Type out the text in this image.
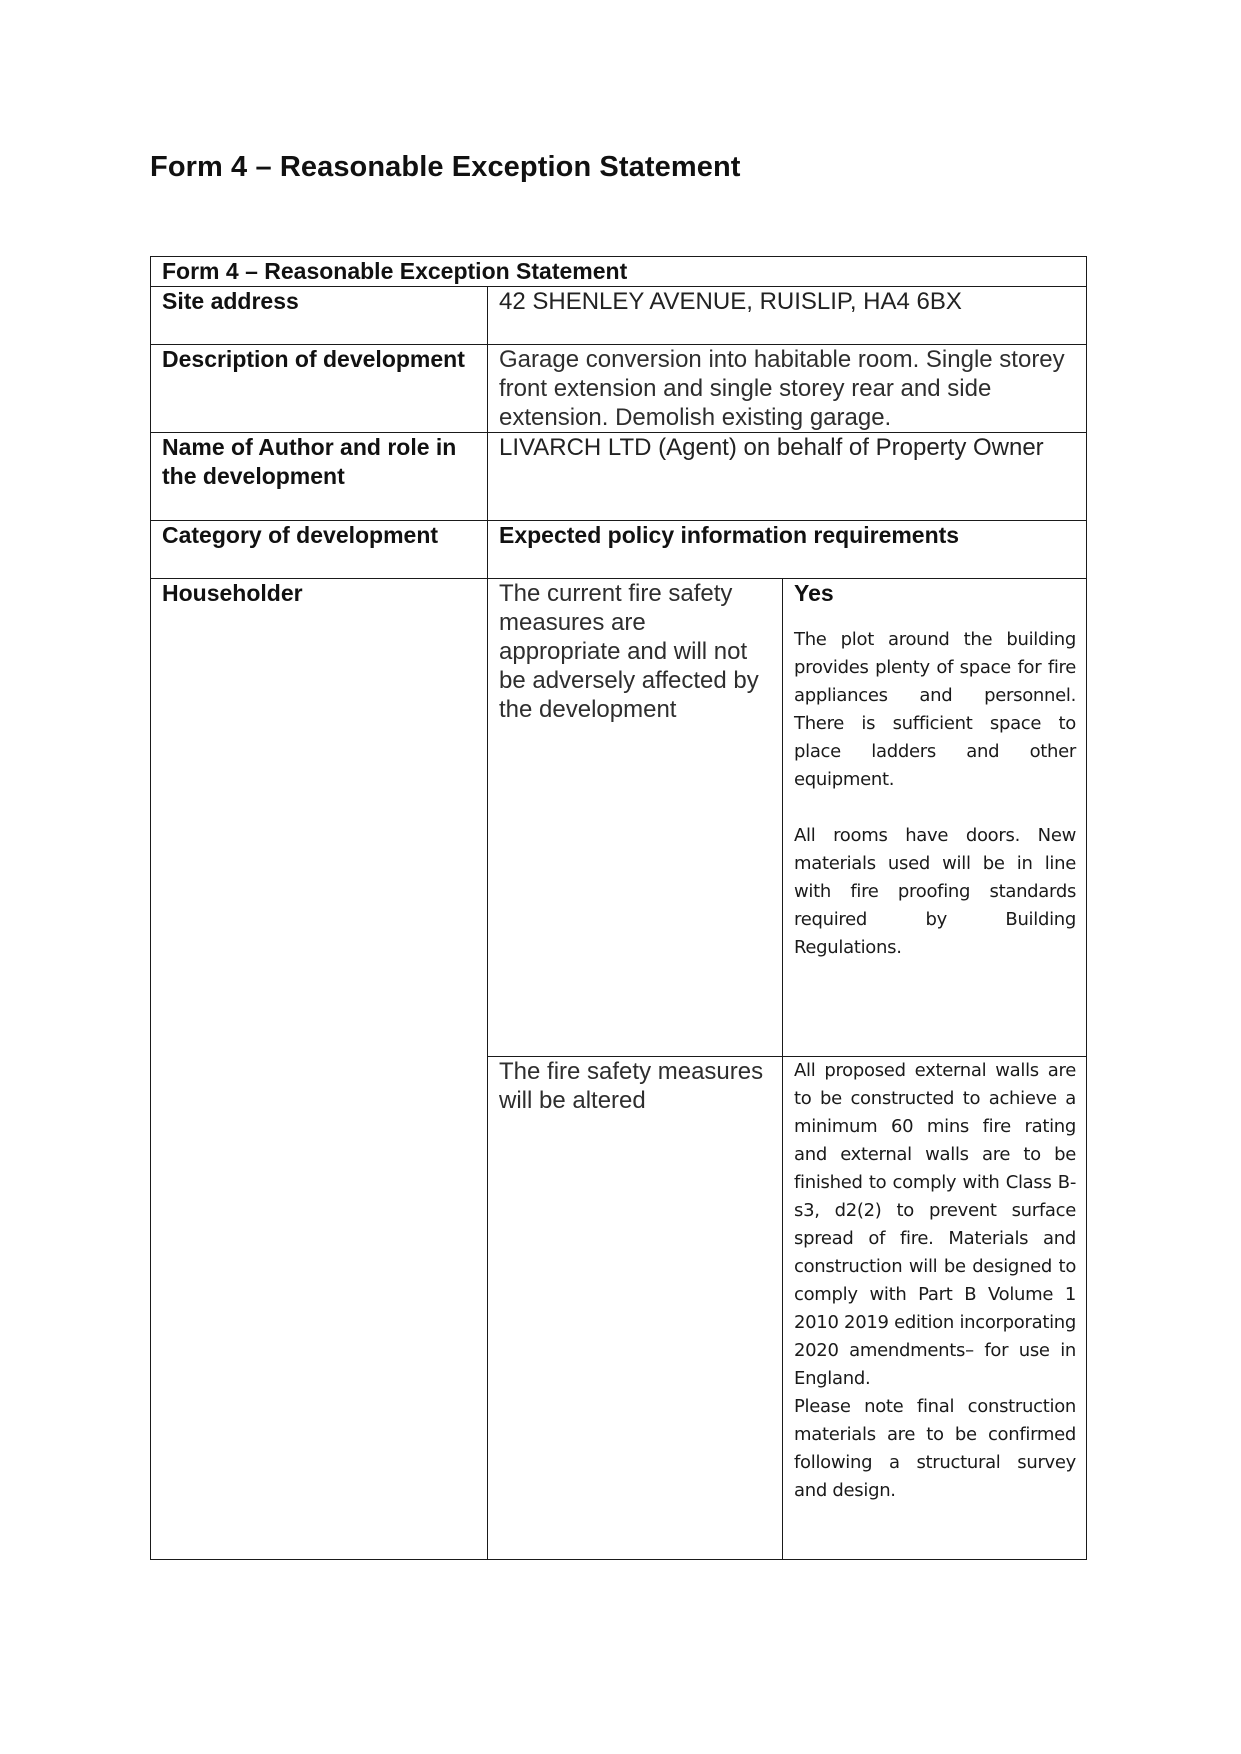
Form 4 – Reasonable Exception Statement
Form 4 – Reasonable Exception Statement		
Site address	42 SHENLEY AVENUE, RUISLIP, HA4 6BX	
Description of development	Garage conversion into habitable room. Single storey front extension and single storey rear and side extension. Demolish existing garage.	
Name of Author and role in the development	LIVARCH LTD (Agent) on behalf of Property Owner	
Category of development	Expected policy information requirements	
Householder	The current fire safety measures are appropriate and will not be adversely affected by the development	Yes

The plot around the building provides plenty of space for fire appliances and personnel. There is sufficient space to place ladders and other equipment.

All rooms have doors. New materials used will be in line with fire proofing standards required by Building Regulations.

	The fire safety measures will be altered	All proposed external walls are to be constructed to achieve a minimum 60 mins fire rating and external walls are to be finished to comply with Class B-s3, d2(2) to prevent surface spread of fire. Materials and construction will be designed to comply with Part B Volume 1 2010 2019 edition incorporating 2020 amendments– for use in England.

Please note final construction materials are to be confirmed following a structural survey and design.
